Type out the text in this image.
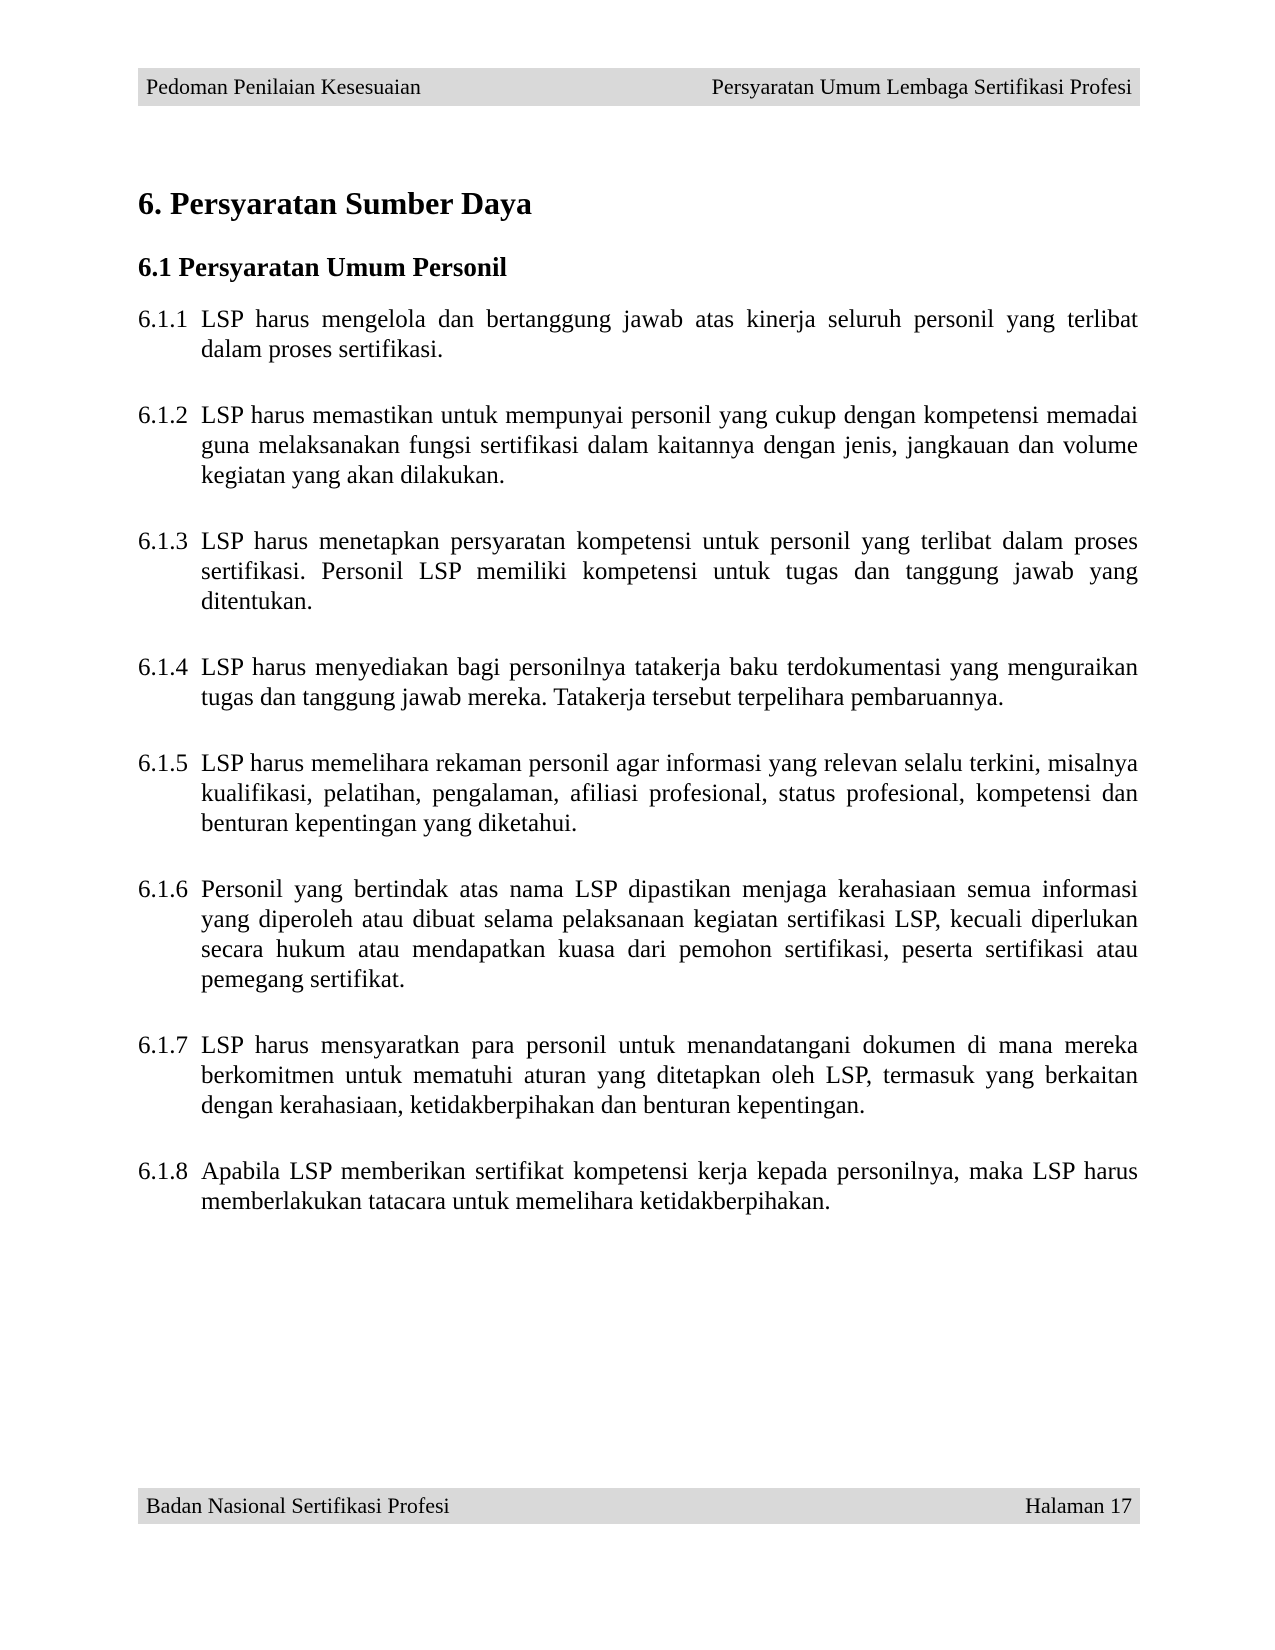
Pedoman Penilaian Kesesuaian	Persyaratan Umum Lembaga Sertifikasi Profesi
6. Persyaratan Sumber Daya
6.1 Persyaratan Umum Personil
6.1.1 LSP harus mengelola dan bertanggung jawab atas kinerja seluruh personil yang terlibat dalam proses sertifikasi.
6.1.2 LSP harus memastikan untuk mempunyai personil yang cukup dengan kompetensi memadai guna melaksanakan fungsi sertifikasi dalam kaitannya dengan jenis, jangkauan dan volume kegiatan yang akan dilakukan.
6.1.3 LSP harus menetapkan persyaratan kompetensi untuk personil yang terlibat dalam proses sertifikasi. Personil LSP memiliki kompetensi untuk tugas dan tanggung jawab yang ditentukan.
6.1.4 LSP harus menyediakan bagi personilnya tatakerja baku terdokumentasi yang menguraikan tugas dan tanggung jawab mereka. Tatakerja tersebut terpelihara pembaruannya.
6.1.5 LSP harus memelihara rekaman personil agar informasi yang relevan selalu terkini, misalnya kualifikasi, pelatihan, pengalaman, afiliasi profesional, status profesional, kompetensi dan benturan kepentingan yang diketahui.
6.1.6 Personil yang bertindak atas nama LSP dipastikan menjaga kerahasiaan semua informasi yang diperoleh atau dibuat selama pelaksanaan kegiatan sertifikasi LSP, kecuali diperlukan secara hukum atau mendapatkan kuasa dari pemohon sertifikasi, peserta sertifikasi atau pemegang sertifikat.
6.1.7 LSP harus mensyaratkan para personil untuk menandatangani dokumen di mana mereka berkomitmen untuk mematuhi aturan yang ditetapkan oleh LSP, termasuk yang berkaitan dengan kerahasiaan, ketidakberpihakan dan benturan kepentingan.
6.1.8 Apabila LSP memberikan sertifikat kompetensi kerja kepada personilnya, maka LSP harus memberlakukan tatacara untuk memelihara ketidakberpihakan.
Badan Nasional Sertifikasi Profesi	Halaman 17
